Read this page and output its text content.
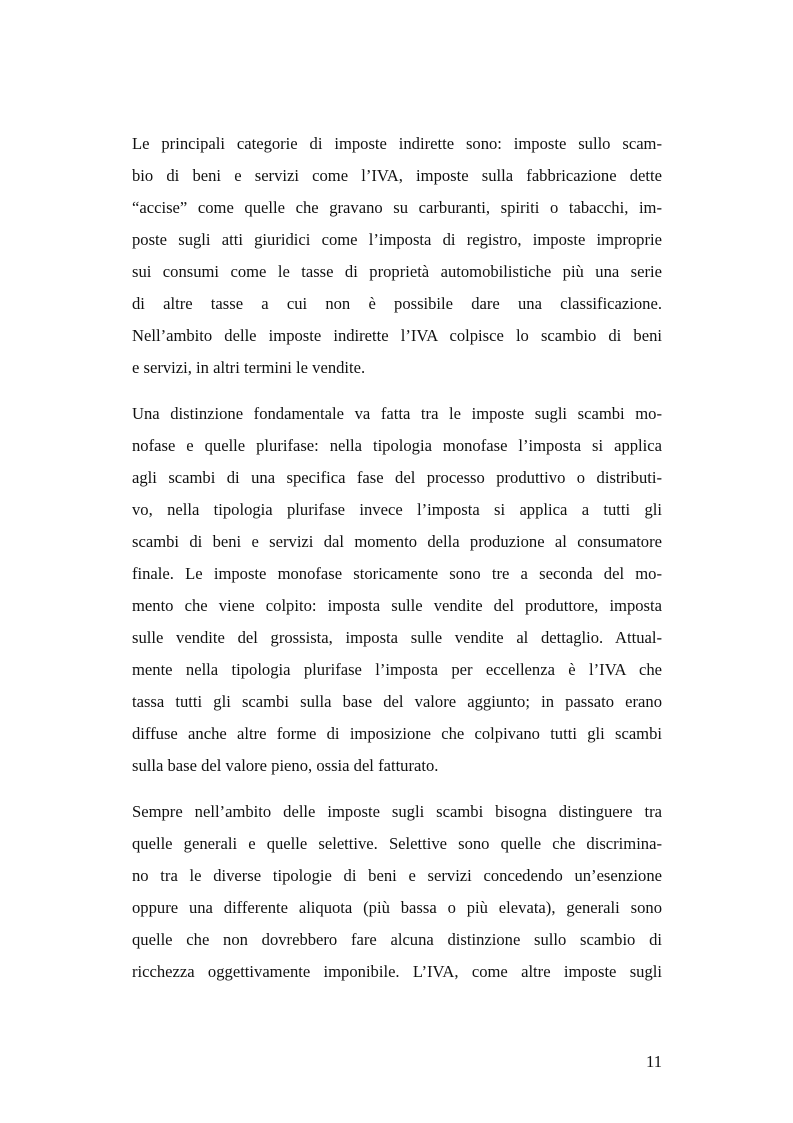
Le principali categorie di imposte indirette sono: imposte sullo scam-
bio di beni e servizi come l’IVA, imposte sulla fabbricazione dette
“accise” come quelle che gravano su carburanti, spiriti o tabacchi, im-
poste sugli atti giuridici come l’imposta di registro, imposte improprie
sui consumi come le tasse di proprietà automobilistiche più una serie
di altre tasse a cui non è possibile dare una classificazione.
Nell’ambito delle imposte indirette l’IVA colpisce lo scambio di beni
e servizi, in altri termini le vendite.
Una distinzione fondamentale va fatta tra le imposte sugli scambi mo-
nofase e quelle plurifase: nella tipologia monofase l’imposta si applica
agli scambi di una specifica fase del processo produttivo o distributi-
vo, nella tipologia plurifase invece l’imposta si applica a tutti gli
scambi di beni e servizi dal momento della produzione al consumatore
finale. Le imposte monofase storicamente sono tre a seconda del mo-
mento che viene colpito: imposta sulle vendite del produttore, imposta
sulle vendite del grossista, imposta sulle vendite al dettaglio. Attual-
mente nella tipologia plurifase l’imposta per eccellenza è l’IVA che
tassa tutti gli scambi sulla base del valore aggiunto; in passato erano
diffuse anche altre forme di imposizione che colpivano tutti gli scambi
sulla base del valore pieno, ossia del fatturato.
Sempre nell’ambito delle imposte sugli scambi bisogna distinguere tra
quelle generali e quelle selettive. Selettive sono quelle che discrimina-
no tra le diverse tipologie di beni e servizi concedendo un’esenzione
oppure una differente aliquota (più bassa o più elevata), generali sono
quelle che non dovrebbero fare alcuna distinzione sullo scambio di
ricchezza oggettivamente imponibile. L’IVA, come altre imposte sugli
11
